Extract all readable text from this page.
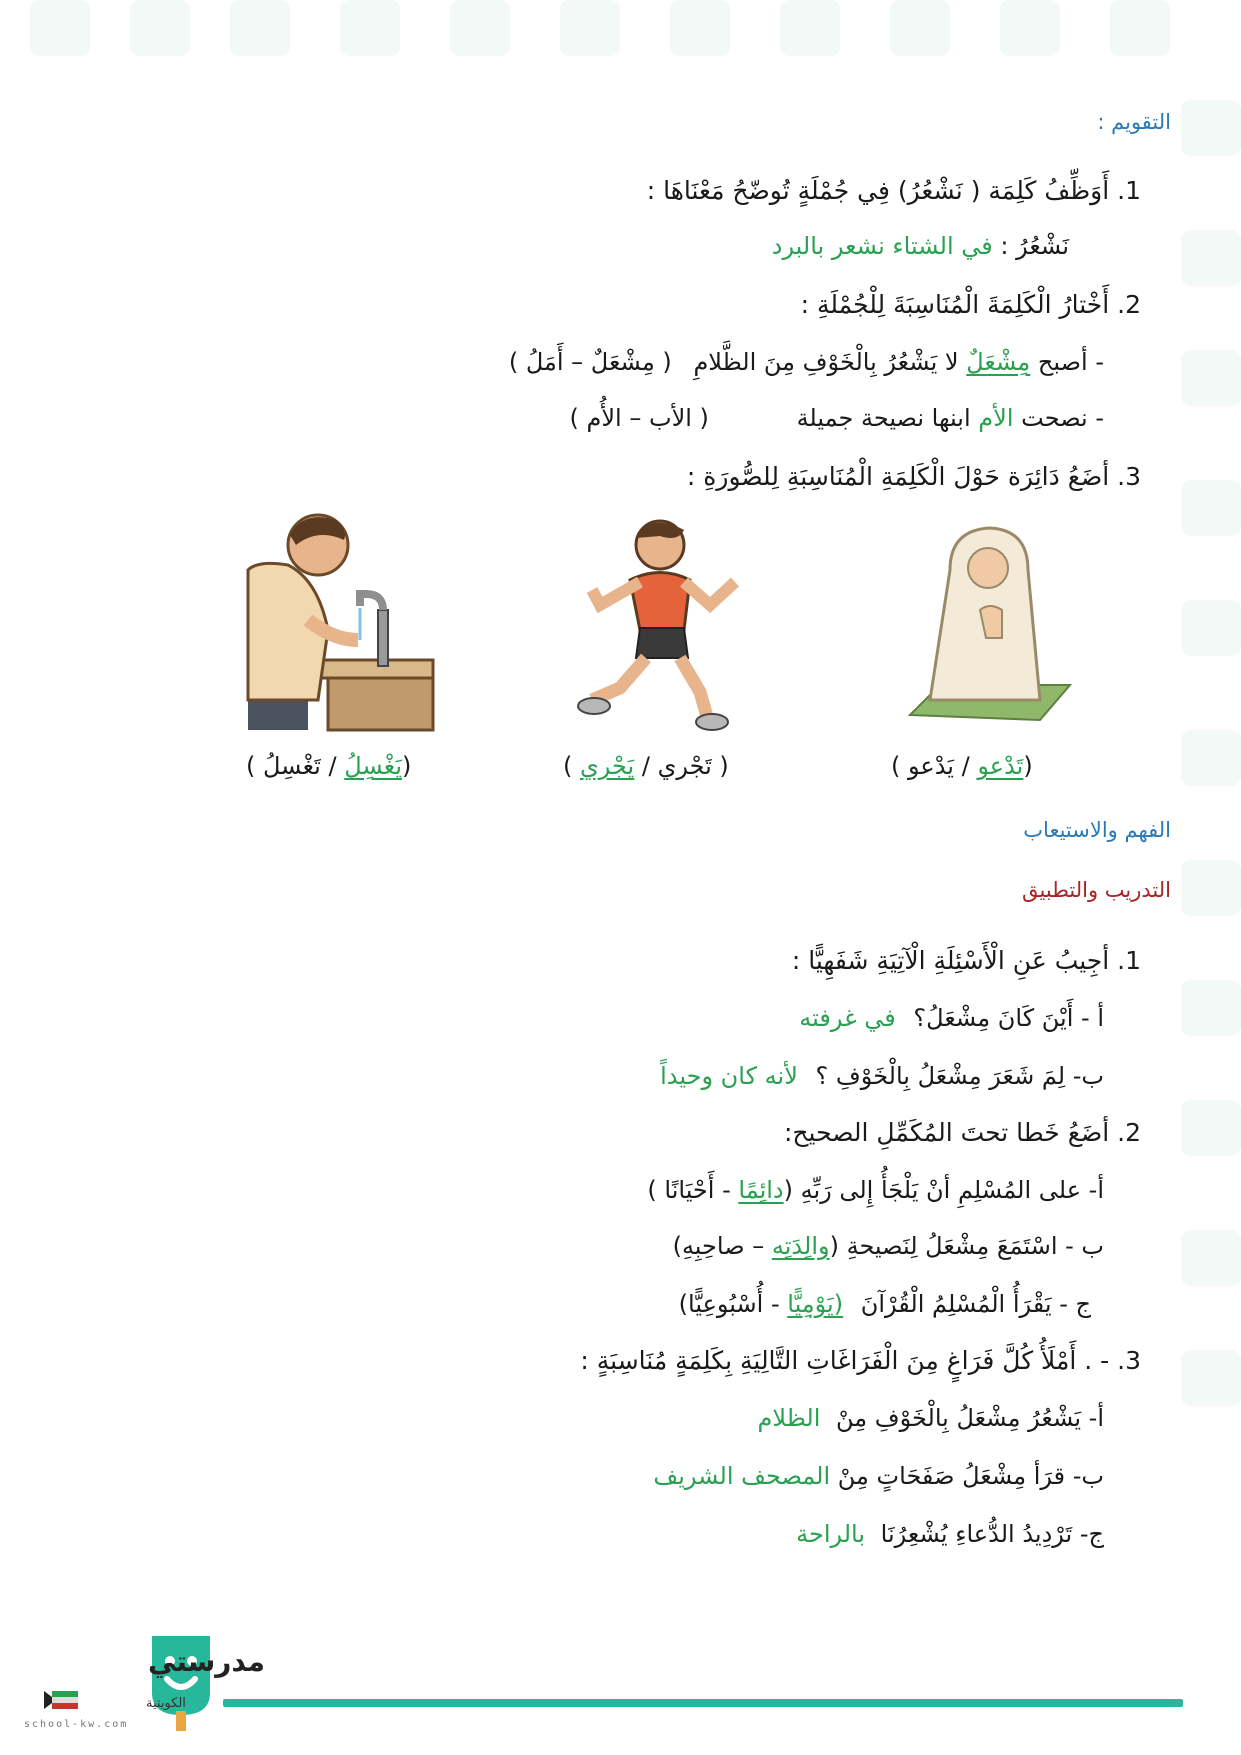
التقويم :
1. أَوَظِّفُ كَلِمَة ( نَشْعُرُ) فِي جُمْلَةٍ تُوضّحُ مَعْنَاهَا :
نَشْعُرُ : في الشتاء نشعر بالبرد
2. أَخْتارُ الْكَلِمَةَ الْمُنَاسِبَةَ لِلْجُمْلَةِ :
- أصبح مِشْعَلٌ لا يَشْعُرُ بِالْخَوْفِ مِنَ الظَّلامِ ( مِشْعَلٌ – أَمَلُ )
- نصحت الأم ابنها نصيحة جميلة ( الأب – الأُم )
3. أضَعُ دَائِرَة حَوْلَ الْكَلِمَةِ الْمُنَاسِبَةِ لِلصُّورَةِ :
(تَدْعو / يَدْعو )
( تَجْري / يَجْري )
(يَغْسِلُ / تَغْسِلُ )
الفهم والاستيعاب
التدريب والتطبيق
1. أجِيبُ عَنِ الْأَسْئِلَةِ الْآتِيَةِ شَفَهِيًّا :
أ - أَيْنَ كَانَ مِشْعَلُ؟ في غرفته
ب- لِمَ شَعَرَ مِشْعَلُ بِالْخَوْفِ ؟ لأنه كان وحيداً
2. أضَعُ خَطا تحتَ المُكَمِّلِ الصحيح:
أ- على المُسْلِمِ أنْ يَلْجَأُ إِلى رَبِّهِ (دائِمًا - أَحْيَانًا )
ب - اسْتَمَعَ مِشْعَلُ لِنَصيحةِ (والِدَتِه – صاحِبِهِ)
ج - يَقْرَأُ الْمُسْلِمُ الْقُرْآنَ (يَوْمِيًّا - أُسْبُوعِيًّا)
3. - . أَمْلَأُ كُلَّ فَرَاغٍ مِنَ الْفَرَاغَاتِ التَّالِيَةِ بِكَلِمَةٍ مُنَاسِبَةٍ :
أ- يَشْعُرُ مِشْعَلُ بِالْخَوْفِ مِنْ الظلام
ب- قرَأ مِشْعَلُ صَفَحَاتٍ مِنْ المصحف الشريف
ج- تَرْدِيدُ الدُّعاءِ يُشْعِرُنَا بالراحة
مدرستي
الكويتية
school-kw.com
